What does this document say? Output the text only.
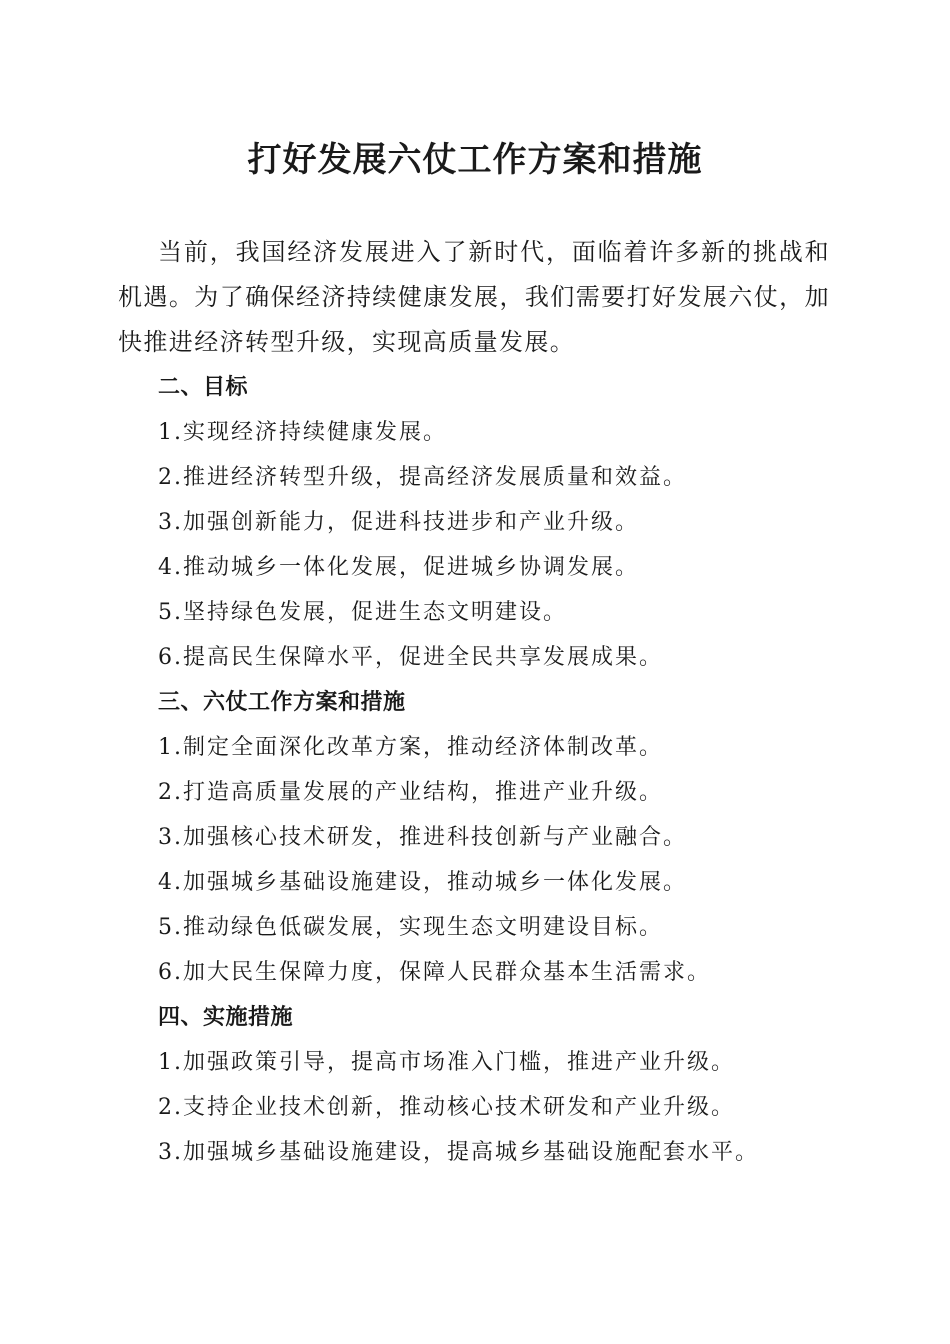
打好发展六仗工作方案和措施

当前，我国经济发展进入了新时代，面临着许多新的挑战和机遇。为了确保经济持续健康发展，我们需要打好发展六仗，加快推进经济转型升级，实现高质量发展。

二、目标
1.实现经济持续健康发展。
2.推进经济转型升级，提高经济发展质量和效益。
3.加强创新能力，促进科技进步和产业升级。
4.推动城乡一体化发展，促进城乡协调发展。
5.坚持绿色发展，促进生态文明建设。
6.提高民生保障水平，促进全民共享发展成果。
三、六仗工作方案和措施
1.制定全面深化改革方案，推动经济体制改革。
2.打造高质量发展的产业结构，推进产业升级。
3.加强核心技术研发，推进科技创新与产业融合。
4.加强城乡基础设施建设，推动城乡一体化发展。
5.推动绿色低碳发展，实现生态文明建设目标。
6.加大民生保障力度，保障人民群众基本生活需求。
四、实施措施
1.加强政策引导，提高市场准入门槛，推进产业升级。
2.支持企业技术创新，推动核心技术研发和产业升级。
3.加强城乡基础设施建设，提高城乡基础设施配套水平。
